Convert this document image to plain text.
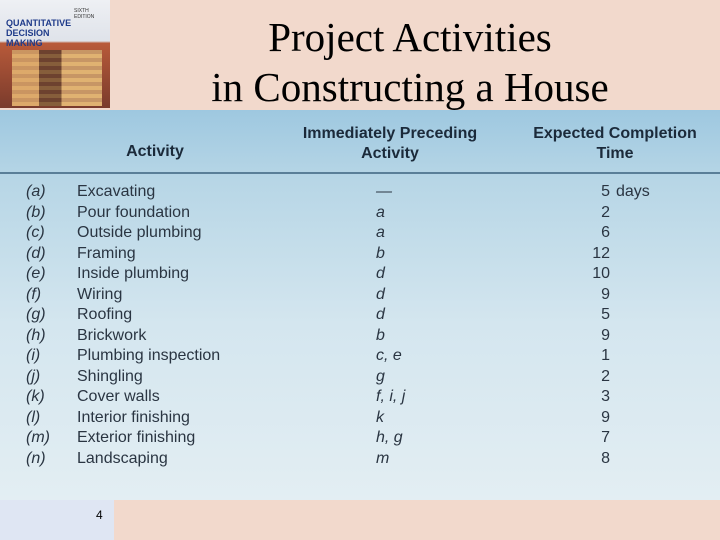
SIXTH EDITION
QUANTITATIVE DECISION MAKING	Project Activities
in Constructing a House
Activity
Immediately Preceding Activity
Expected Completion Time
(a) Excavating	—	5 days
(b) Pour foundation	a	2
(c) Outside plumbing	a	6
(d) Framing	b	12
(e) Inside plumbing	d	10
(f) Wiring	d	9
(g) Roofing	d	5
(h) Brickwork	b	9
(i) Plumbing inspection	c, e	1
(j) Shingling	g	2
(k) Cover walls	f, i, j	3
(l) Interior finishing	k	9
(m) Exterior finishing	h, g	7
(n) Landscaping	m	8
4
